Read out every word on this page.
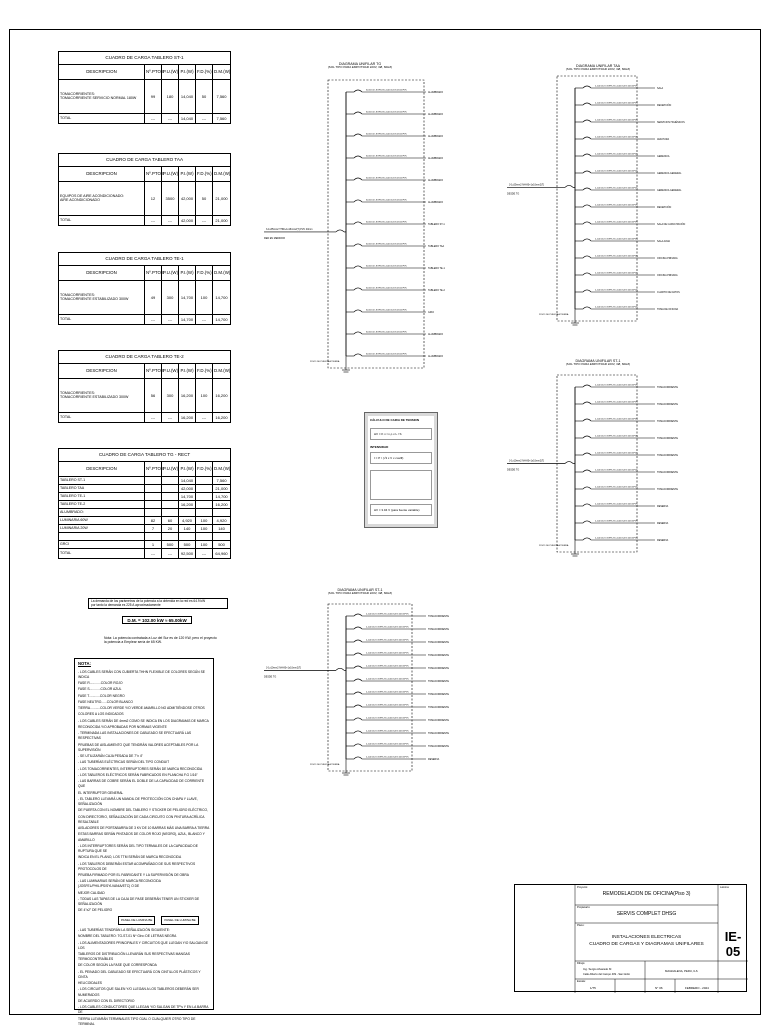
CUADRO DE CARGA TABLERO ST-1					
DESCRIPCION	Nº.PTOS	P.U.(W)	P.I.(W)	F.D.(%)	D.M.(W)

TOMACORRIENTES:
TOMACORRIENTE SERVICIO NORMAL 180W	99	180	14,040	50	7,560
TOTAL	---	---	14,040	---	7,560
CUADRO DE CARGA TABLERO TAA					
DESCRIPCION	Nº.PTOS	P.U.(W)	P.I.(W)	F.D.(%)	D.M.(W)

EQUIPOS DE AIRE ACONDICIONADO:
AIRE ACONDICIONADO	12	3500	42,000	50	21,000
TOTAL	---	---	42,000	---	21,000
CUADRO DE CARGA TABLERO TE-1					
DESCRIPCION	Nº.PTOS	P.U.(W)	P.I.(W)	F.D.(%)	D.M.(W)

TOMACORRIENTES:
TOMACORRIENTE ESTABILIZADO 300W	49	300	14,700	100	14,700
TOTAL	---	---	14,700	---	14,700
CUADRO DE CARGA TABLERO TE-2					
DESCRIPCION	Nº.PTOS	P.U.(W)	P.I.(W)	F.D.(%)	D.M.(W)

TOMACORRIENTES:
TOMACORRIENTE ESTABILIZADO 300W	56	300	16,200	100	16,200
TOTAL	---	---	16,200	---	16,200
CUADRO DE CARGA TABLERO TG - RECT					
DESCRIPCION	Nº.PTOS	P.U.(W)	P.I.(W)	F.D.(%)	D.M.(W)
TABLERO ST-1			14,040		7,560
TABLERO TAA			42,000		21,000
TABLERO TE-1			14,700		14,700
TABLERO TE-2			16,200		16,200
ALUMBRADO:					
LUMINARIA 60W	82	60	4,920	100	4,920
LUMINARIA 20W	7	20	140	100	140

GRCI	1	500	500	100	500
TOTAL	---	---	92,500	---	64,960
La demanda de los parámetros de la potencia a la obtenida en la red es 64.9 kW
por tanto la demanda es 225 A aproximadamente
D.M. = 102.00 kW ≈ 65.00kW
Nota: La potencia contratada a Luz del Sur es de 120 KW, pero el proyecto
la potencia a Emplear sería de 65 KW.
NOTA:

- LOS CABLES SERÁN CON CUBIERTA THHN FLEXIBLE DE COLORES SEGÚN SE INDICA

FASE R............COLOR ROJO

FASE S............COLOR AZUL

FASE T............COLOR NEGRO

FASE NEUTRO......COLOR BLANCO

TIERRA...........COLOR VERDE Y/O VERDE AMARILLO NO ADMITIÉNDOSE OTROS

COLORES A LOS INDICADOS

- LOS CABLES SERÁN DE 4mm2 COMO SE INDICA EN LOS DIAGRAMAS DE MARCA

RECONOCIDA Y/O APROBADAS POR NORMAS VIGENTE

- TERMINADA LAS INSTALACIONES DE CABLEADO SE EFECTUARÁ LAS RESPECTIVAS

PRUEBAS DE AISLAMIENTO QUE TENDRÁN VALORES ACEPTABLES POR LA SUPERVISIÓN

- SE UTILIZARÁN CAJA PESADA DE 7"x 4"

- LAS TUBERÍAS ELÉCTRICAS SERÁN DEL TIPO CONDUIT

- LOS TOMACORRIENTES, INTERRUPTORES SERÁN DE MARCA RECONOCIDA

- LOS TABLEROS ELÉCTRICOS SERÁN FABRICADOS EN PLANCHA F.G 1/16"

- LAS BARRAS DE COBRE SERÁN EL DOBLE DE LA CAPACIDAD DE CORRIENTE QUE

EL INTERRUPTOR GENERAL

- EL TABLERO LLEVARÁ UN MANDIL DE PROTECCIÓN CON CHAPA Y LLAVE, SEÑALIZACIÓN

DE PUERTA CON EL NOMBRE DEL TABLERO Y STICKER DE PELIGRO ELÉCTRICO,

CON DIRECTORIO, SEÑALIZACIÓN DE CADA CIRCUITO CON PINTURA ACRÍLICA RESALTABLE

AISLADORES DE PORTABARRA DE 3 KV DE 10 BARRAS MÁS UNA BARRA A TIERRA

ESTAS BARRAS SERÁN PINTADOS DE COLOR ROJO (NEGRO), AZUL, BLANCO Y AMARILLO

- LOS INTERRUPTORES SERÁN DEL TIPO TERMALES DE LA CAPACIDAD DE RUPTURA QUE SE

INDICA EN EL PLANO, LOS TTM SERÁN DE MARCA RECONOCIDA

- LOS TABLEROS DEBERÁN ESTAR ACOMPAÑADO DE SUS RESPECTIVOS PROTOCOLOS DE

PRUEBA FIRMADO POR EL FABRICANTE Y LA SUPERVISIÓN DE OBRA

- LAS LUMINARIAS SERÁN DE MARCA RECONOCIDA (JOSFEL/PHILIPS/SYLVANIA/ETC) O DE

MEJOR CALIDAD

- TODAS LAS TAPAS DE LA CAJA DE PASE DEBERÁN TENER UN STICKER DE SEÑALIZACIÓN

DE 4"x2" DE PELIGRO

PANEL DE LUMINA BE	PANEL DE LUMINA BE

- LAS TUBERÍAS TENDRÁN LA SEÑALIZACIÓN SIGUIENTE:

NOMBRE DEL TABLERO: TG-ST-01 Nº Giro: DE LETRAS NEGRA

- LOS ALIMENTADORES PRINCIPALES Y CIRCUITOS QUE LLEGAN Y/O SALGAN DE LOS

TABLEROS DE DISTRIBUCIÓN LLEVARÁN SUS RESPECTIVAS MANGAS TERMOCONTRAÍBLES

DE COLOR SEGÚN LA FASE QUE CORRESPONDA

- EL PEINADO DEL CABLEADO SE EFECTUARÁ CON CINTILLOS PLÁSTICOS Y CINTA

HELICOIDALES

- LOS CIRCUITOS QUE SALEN Y/O LLEGAN A LOS TABLEROS DEBERÁN SER NUMERADOS

DE ACUERDO CON EL DIRECTORIO

- LOS CABLES CONDUCTORES QUE LLEGAN Y/O SALGAN DE TP's Y EN LA BARRA DE

TIERRA LLEVARÁN TERMINALES TIPO OJAL O CUALQUIER OTRO TIPO DE TERMINAL

3-1x35mm2 THW+1x16mm2(T) PVC 40mm
RED EN MEDIDOR
POZO DE PUESTA A TIERRA
3x4mm2 LSOHX-90+1x4mm2(T) 25mmPVC
ALUMBRADO
3x4mm2 LSOHX-90+1x4mm2(T) 25mmPVC
ALUMBRADO
3x4mm2 LSOHX-90+1x4mm2(T) 25mmPVC
ALUMBRADO
3x4mm2 LSOHX-90+1x4mm2(T) 25mmPVC
ALUMBRADO
3x4mm2 LSOHX-90+1x4mm2(T) 25mmPVC
ALUMBRADO
3x4mm2 LSOHX-90+1x4mm2(T) 25mmPVC
ALUMBRADO
3x4mm2 LSOHX-90+1x4mm2(T) 25mmPVC
TABLERO ST-1
3x4mm2 LSOHX-90+1x4mm2(T) 25mmPVC
TABLERO TAA
3x4mm2 LSOHX-90+1x4mm2(T) 25mmPVC
TABLERO TE-1
3x4mm2 LSOHX-90+1x4mm2(T) 25mmPVC
TABLERO TE-2
3x4mm2 LSOHX-90+1x4mm2(T) 25mmPVC
GRCI
3x4mm2 LSOHX-90+1x4mm2(T) 25mmPVC
ALUMBRADO
3x4mm2 LSOHX-90+1x4mm2(T) 25mmPVC
ALUMBRADO
DIAGRAMA UNIFILAR TG
(SOL TIPO PARA EMPOTRAR 220V, 3Ø, 60HZ)
3-1x25mm2 NH-80+1x10mm2(T)
DESDE TG
POZO DE PUESTA A TIERRA
2-1x4mm2 LSOHX-90+1x4mm2(T) 20mmPVC
SALA
2-1x4mm2 LSOHX-90+1x4mm2(T) 20mmPVC
RECEPCIÓN
2-1x4mm2 LSOHX-90+1x4mm2(T) 20mmPVC
SERVICIOS HIGIÉNICOS
2-1x4mm2 LSOHX-90+1x4mm2(T) 20mmPVC
JEFATURA
2-1x4mm2 LSOHX-90+1x4mm2(T) 20mmPVC
GERENCIA
2-1x4mm2 LSOHX-90+1x4mm2(T) 20mmPVC
GERENCIA GENERAL
2-1x4mm2 LSOHX-90+1x4mm2(T) 20mmPVC
GERENCIA GENERAL
2-1x4mm2 LSOHX-90+1x4mm2(T) 20mmPVC
RECEPCIÓN
2-1x4mm2 LSOHX-90+1x4mm2(T) 20mmPVC
SALA DE CAPACITACIÓN
2-1x4mm2 LSOHX-90+1x4mm2(T) 20mmPVC
SALA ALMA
2-1x4mm2 LSOHX-90+1x4mm2(T) 20mmPVC
OFICINA PRIVADA
2-1x4mm2 LSOHX-90+1x4mm2(T) 20mmPVC
OFICINA PRIVADA
2-1x4mm2 LSOHX-90+1x4mm2(T) 20mmPVC
CUARTO DE DATOS
2-1x4mm2 LSOHX-90+1x4mm2(T) 20mmPVC
TOMA DE OFICINA
DIAGRAMA UNIFILAR TAA
(SOL TIPO PARA EMPOTRAR 220V, 3Ø, 60HZ)
3-1x10mm2 NH-80+1x10mm2(T)
DESDE TG
POZO DE PUESTA A TIERRA
2-1x4mm2 LSOHX-90+1x4mm2(T) 20mmPVC
TOMACORRIENTE
2-1x4mm2 LSOHX-90+1x4mm2(T) 20mmPVC
TOMACORRIENTE
2-1x4mm2 LSOHX-90+1x4mm2(T) 20mmPVC
TOMACORRIENTE
2-1x4mm2 LSOHX-90+1x4mm2(T) 20mmPVC
TOMACORRIENTE
2-1x4mm2 LSOHX-90+1x4mm2(T) 20mmPVC
TOMACORRIENTE
2-1x4mm2 LSOHX-90+1x4mm2(T) 20mmPVC
TOMACORRIENTE
2-1x4mm2 LSOHX-90+1x4mm2(T) 20mmPVC
TOMACORRIENTE
2-1x4mm2 LSOHX-90+1x4mm2(T) 20mmPVC
RESERVA
2-1x4mm2 LSOHX-90+1x4mm2(T) 20mmPVC
RESERVA
2-1x4mm2 LSOHX-90+1x4mm2(T) 20mmPVC
RESERVA
DIAGRAMA UNIFILAR ST-1
(SOL TIPO PARA EMPOTRAR 220V, 3Ø, 60HZ)
3-1x10mm2 NH-80+1x10mm2(T)
DESDE TG
POZO DE PUESTA A TIERRA
2-1x4mm2 LSOHX-90+1x4mm2(T) 20mmPVC
TOMACORRIENTE
2-1x4mm2 LSOHX-90+1x4mm2(T) 20mmPVC
TOMACORRIENTE
2-1x4mm2 LSOHX-90+1x4mm2(T) 20mmPVC
TOMACORRIENTE
2-1x4mm2 LSOHX-90+1x4mm2(T) 20mmPVC
TOMACORRIENTE
2-1x4mm2 LSOHX-90+1x4mm2(T) 20mmPVC
TOMACORRIENTE
2-1x4mm2 LSOHX-90+1x4mm2(T) 20mmPVC
TOMACORRIENTE
2-1x4mm2 LSOHX-90+1x4mm2(T) 20mmPVC
TOMACORRIENTE
2-1x4mm2 LSOHX-90+1x4mm2(T) 20mmPVC
TOMACORRIENTE
2-1x4mm2 LSOHX-90+1x4mm2(T) 20mmPVC
TOMACORRIENTE
2-1x4mm2 LSOHX-90+1x4mm2(T) 20mmPVC
TOMACORRIENTE
2-1x4mm2 LSOHX-90+1x4mm2(T) 20mmPVC
TOMACORRIENTE
2-1x4mm2 LSOHX-90+1x4mm2(T) 20mmPVC
RESERVA
DIAGRAMA UNIFILAR ST-1
(SOL TIPO PARA EMPOTRAR 220V, 3Ø, 60HZ)
CÁLCULO DE CAIDA DE TENSION
ΔV = K x I x ρ x L / S
INTENSIDAD
I = P / (√3 x V x cosΦ)
ΔV = 3.04 V (para fuente variable)
Proyecto:
REMODELACION DE OFICINA(Piso 3)
Propietario:
SERVIS COMPLET DHSG
Plano:
INSTALACIONES ELECTRICAS
CUADRO DE CARGAS Y DIAGRAMAS UNIFILARES
Lámina:
IE-05
Dibujo:
Ing. Sergio Alvarado M
Calle Alberto del Campo 409 - San Isidro
MAGDALENA, PERU, ILS
Escala:
1/75	N° 06	FEBRERO - 2024
